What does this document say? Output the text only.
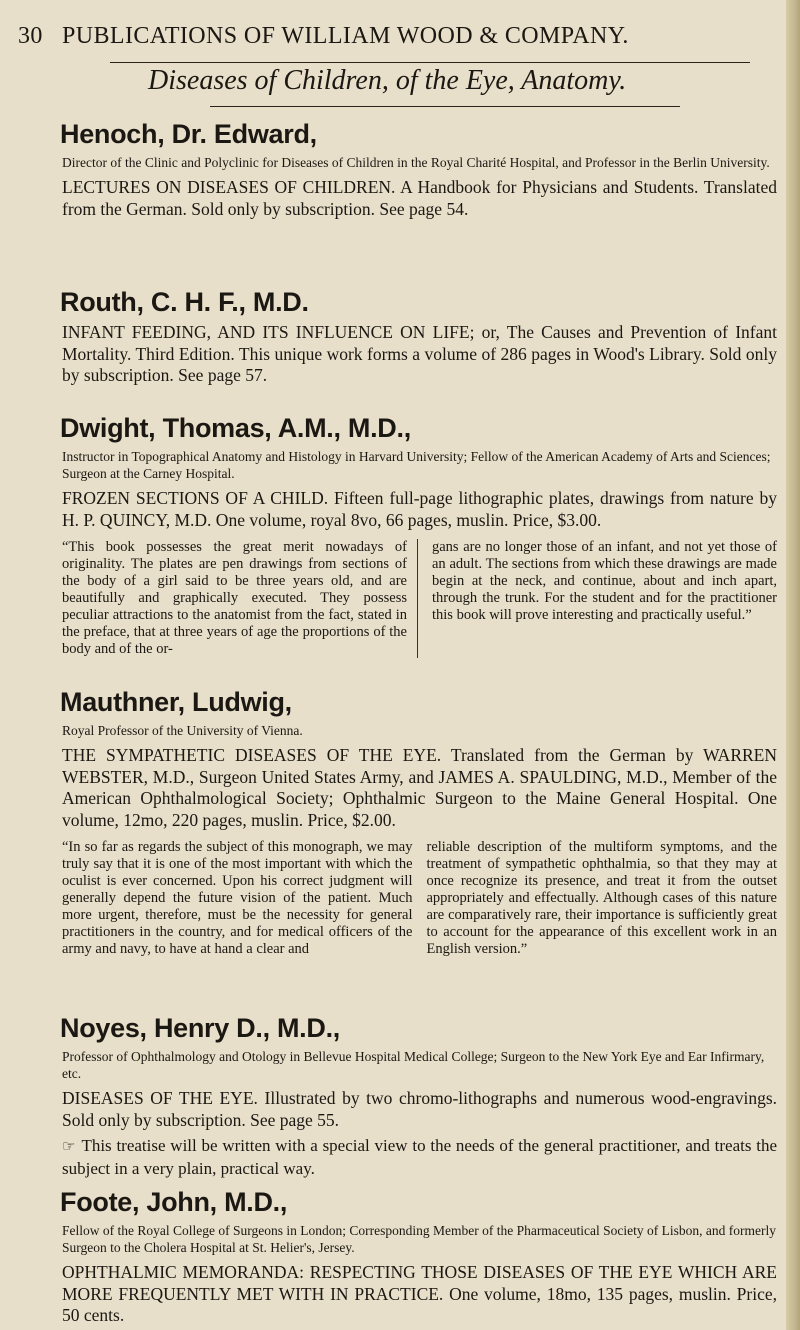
30 PUBLICATIONS OF WILLIAM WOOD & COMPANY.
Diseases of Children, of the Eye, Anatomy.
Henoch, Dr. Edward,
Director of the Clinic and Polyclinic for Diseases of Children in the Royal Charité Hospital, and Professor in the Berlin University.

LECTURES ON DISEASES OF CHILDREN. A Handbook for Physicians and Students. Translated from the German. Sold only by subscription. See page 54.

Routh, C. H. F., M.D.

INFANT FEEDING, AND ITS INFLUENCE ON LIFE; or, The Causes and Prevention of Infant Mortality. Third Edition. This unique work forms a volume of 286 pages in Wood's Library. Sold only by subscription. See page 57.

Dwight, Thomas, A.M., M.D.,
Instructor in Topographical Anatomy and Histology in Harvard University; Fellow of the American Academy of Arts and Sciences; Surgeon at the Carney Hospital.

FROZEN SECTIONS OF A CHILD. Fifteen full-page lithographic plates, drawings from nature by H. P. QUINCY, M.D. One volume, royal 8vo, 66 pages, muslin. Price, $3.00.

“This book possesses the great merit nowadays of originality. The plates are pen drawings from sections of the body of a girl said to be three years old, and are beautifully and graphically executed. They possess peculiar attractions to the anatomist from the fact, stated in the preface, that at three years of age the proportions of the body and of the or-

gans are no longer those of an infant, and not yet those of an adult. The sections from which these drawings are made begin at the neck, and continue, about and inch apart, through the trunk. For the student and for the practitioner this book will prove interesting and practically useful.”

Mauthner, Ludwig,
Royal Professor of the University of Vienna.

THE SYMPATHETIC DISEASES OF THE EYE. Translated from the German by WARREN WEBSTER, M.D., Surgeon United States Army, and JAMES A. SPAULDING, M.D., Member of the American Ophthalmological Society; Ophthalmic Surgeon to the Maine General Hospital. One volume, 12mo, 220 pages, muslin. Price, $2.00.

“In so far as regards the subject of this monograph, we may truly say that it is one of the most important with which the oculist is ever concerned. Upon his correct judgment will generally depend the future vision of the patient. Much more urgent, therefore, must be the necessity for general practitioners in the country, and for medical officers of the army and navy, to have at hand a clear and

reliable description of the multiform symptoms, and the treatment of sympathetic ophthalmia, so that they may at once recognize its presence, and treat it from the outset appropriately and effectually. Although cases of this nature are comparatively rare, their importance is sufficiently great to account for the appearance of this excellent work in an English version.”

Noyes, Henry D., M.D.,
Professor of Ophthalmology and Otology in Bellevue Hospital Medical College; Surgeon to the New York Eye and Ear Infirmary, etc.

DISEASES OF THE EYE. Illustrated by two chromo-lithographs and numerous wood-engravings. Sold only by subscription. See page 55.

☞ This treatise will be written with a special view to the needs of the general practitioner, and treats the subject in a very plain, practical way.
Foote, John, M.D.,
Fellow of the Royal College of Surgeons in London; Corresponding Member of the Pharmaceutical Society of Lisbon, and formerly Surgeon to the Cholera Hospital at St. Helier's, Jersey.

OPHTHALMIC MEMORANDA: RESPECTING THOSE DISEASES OF THE EYE WHICH ARE MORE FREQUENTLY MET WITH IN PRACTICE. One volume, 18mo, 135 pages, muslin. Price, 50 cents.
